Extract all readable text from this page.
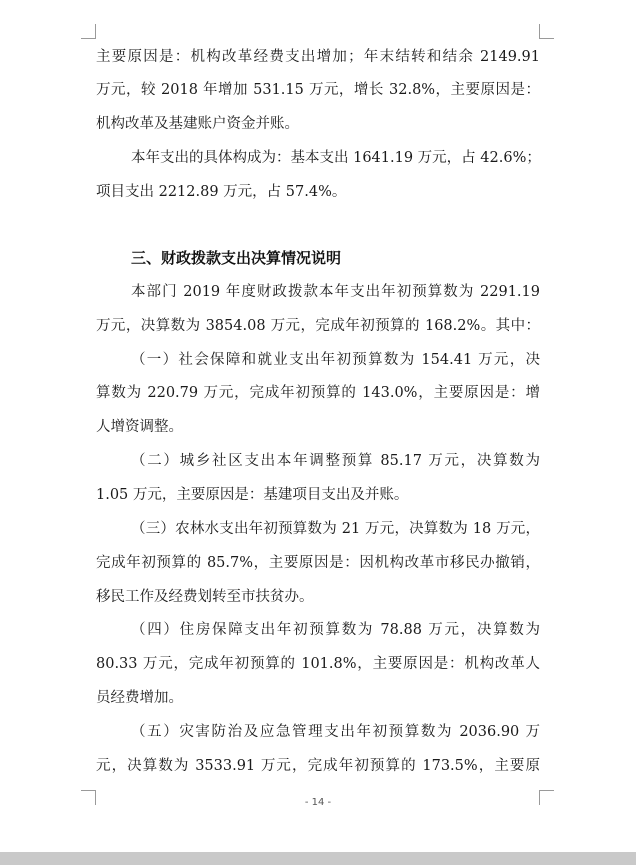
主要原因是：机构改革经费支出增加；年末结转和结余 2149.91

万元，较 2018 年增加 531.15 万元，增长 32.8%，主要原因是：

机构改革及基建账户资金并账。

本年支出的具体构成为：基本支出 1641.19 万元，占 42.6%；

项目支出 2212.89 万元，占 57.4%。

三、财政拨款支出决算情况说明

本部门 2019 年度财政拨款本年支出年初预算数为 2291.19

万元，决算数为 3854.08 万元，完成年初预算的 168.2%。其中：

（一）社会保障和就业支出年初预算数为 154.41 万元，决

算数为 220.79 万元，完成年初预算的 143.0%，主要原因是：增

人增资调整。

（二）城乡社区支出本年调整预算 85.17 万元，决算数为

1.05 万元，主要原因是：基建项目支出及并账。

（三）农林水支出年初预算数为 21 万元，决算数为 18 万元，

完成年初预算的 85.7%，主要原因是：因机构改革市移民办撤销，

移民工作及经费划转至市扶贫办。

（四）住房保障支出年初预算数为 78.88 万元，决算数为

80.33 万元，完成年初预算的 101.8%，主要原因是：机构改革人

员经费增加。

（五）灾害防治及应急管理支出年初预算数为 2036.90 万

元，决算数为 3533.91 万元，完成年初预算的 173.5%，主要原

- 14 -
